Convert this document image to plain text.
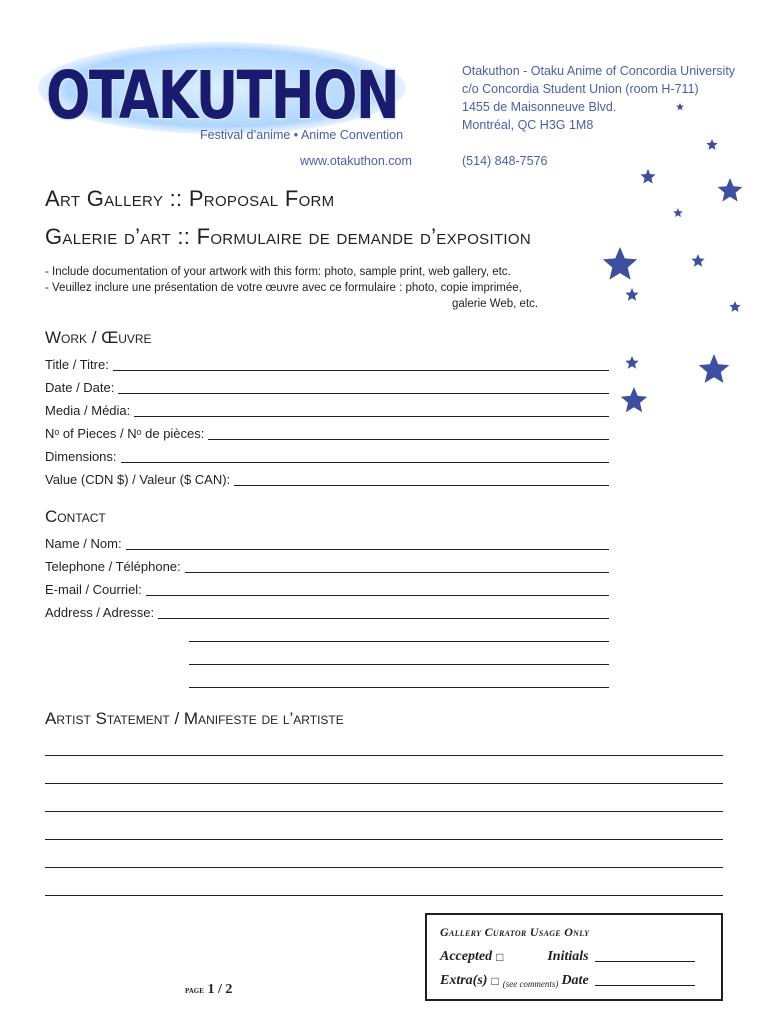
OTAKUTHON
Festival d’anime • Anime Convention
www.otakuthon.com
Otakuthon - Otaku Anime of Concordia University
c/o Concordia Student Union (room H-711)
1455 de Maisonneuve Blvd.
Montréal, QC H3G 1M8
(514) 848-7576
Art Gallery :: Proposal Form
Galerie d’art :: Formulaire de demande d’exposition
- Include documentation of your artwork with this form: photo, sample print, web gallery, etc.
- Veuillez inclure une présentation de votre œuvre avec ce formulaire : photo, copie imprimée,
galerie Web, etc.
Work / Œuvre
Title / Titre:
Date / Date:
Media / Média:
Nᵒ of Pieces / Nᵒ de pièces:
Dimensions:
Value (CDN $) / Valeur ($ CAN):
Contact
Name / Nom:
Telephone / Téléphone:
E-mail / Courriel:
Address / Adresse:
Artist Statement / Manifeste de l’artiste
Gallery Curator Usage Only
Accepted □	Initials
Extra(s) □ (see comments) Date
page 1 / 2
